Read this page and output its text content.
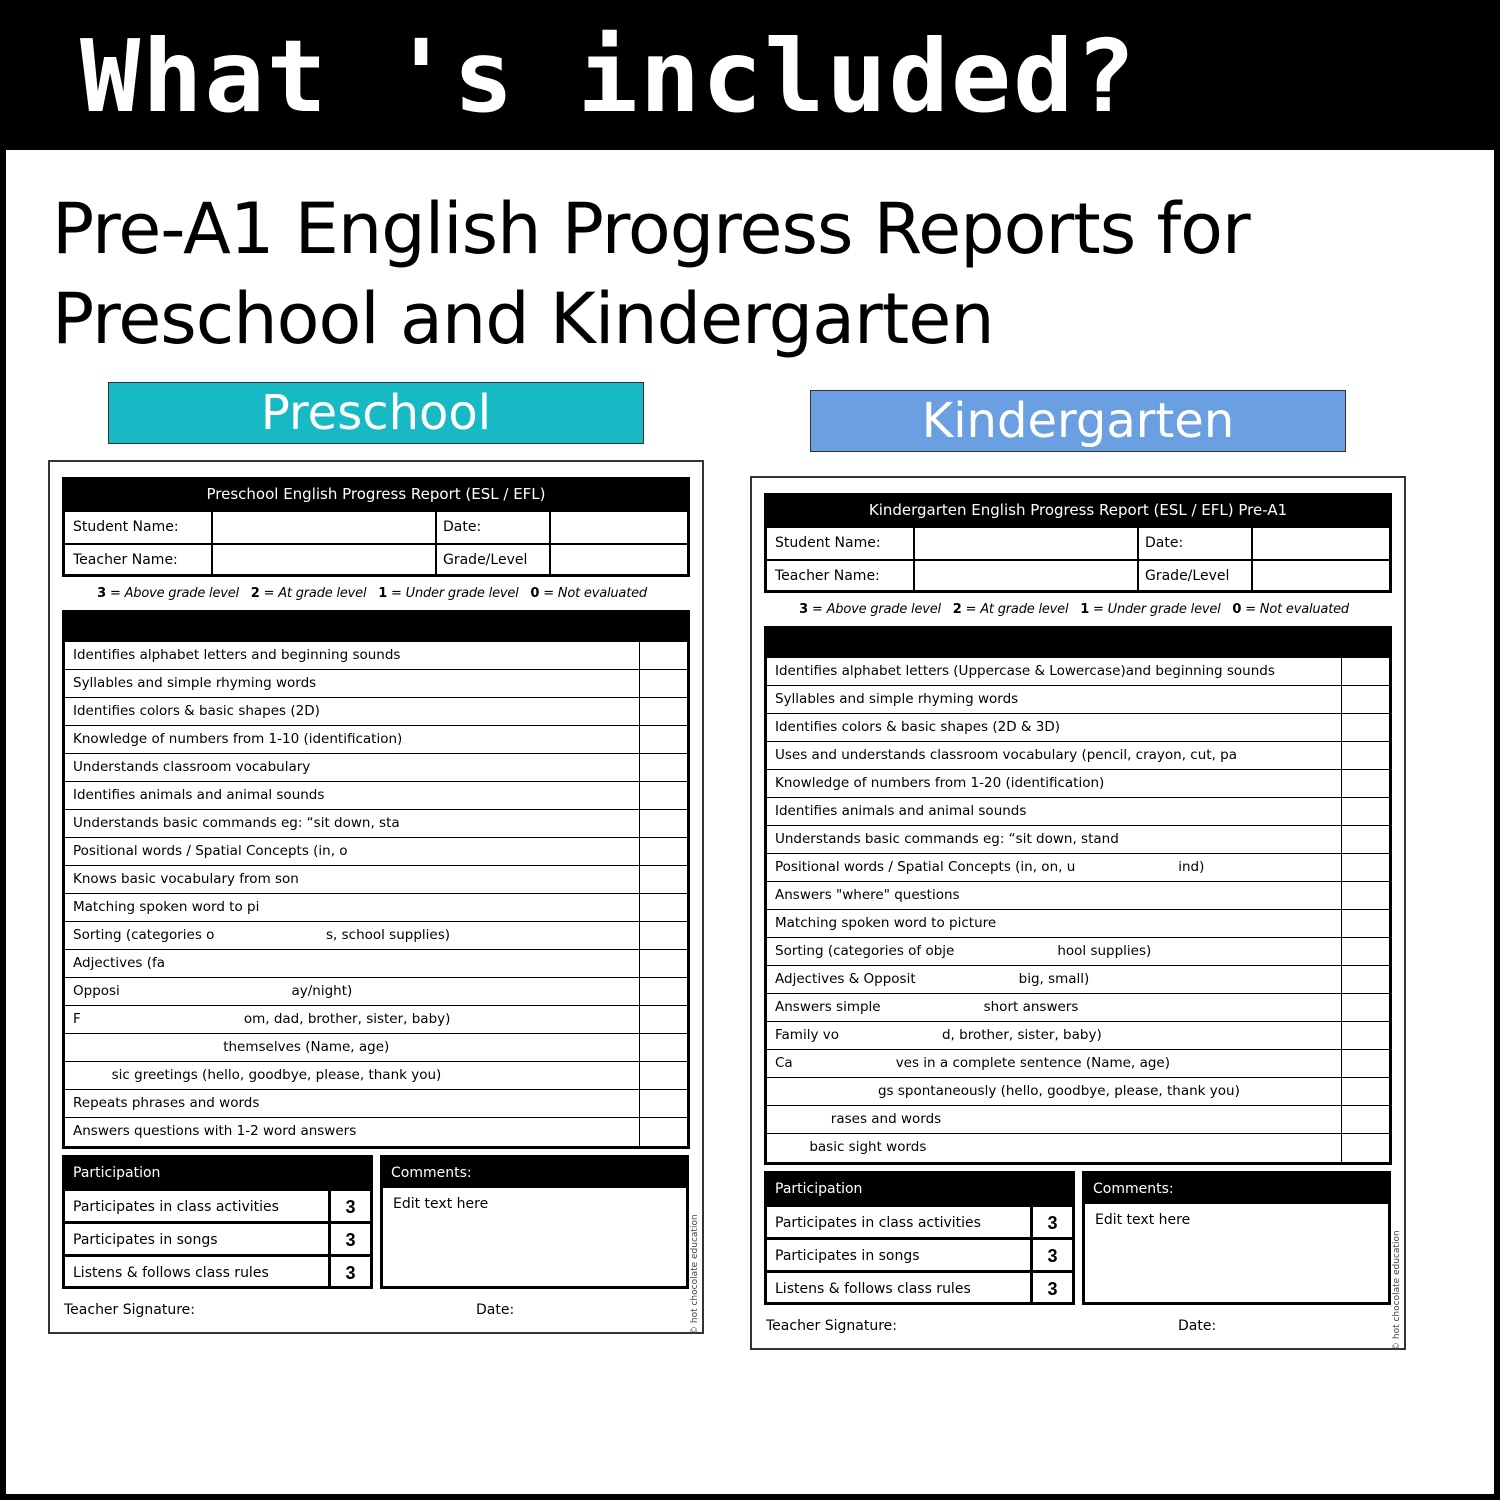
What 's included?
Pre-A1 English Progress Reports for
Preschool and Kindergarten
Preschool English Progress Report (ESL / EFL)
Student Name:	Date:
Teacher Name:	Grade/Level
3 = Above grade level 2 = At grade level 1 = Under grade level 0 = Not evaluated
Identifies alphabet letters and beginning sounds
Syllables and simple rhyming words
Identifies colors & basic shapes (2D)
Knowledge of numbers from 1-10 (identification)
Understands classroom vocabulary
Identifies animals and animal sounds
Understands basic commands eg: “sit down, sta
Positional words / Spatial Concepts (in, o
Knows basic vocabulary from son
Matching spoken word to pi
Sorting (categories o                          s, school supplies)
Adjectives (fa
Opposi                                        ay/night)
F                                      om, dad, brother, sister, baby)
themselves (Name, age)
sic greetings (hello, goodbye, please, thank you)
Repeats phrases and words
Answers questions with 1-2 word answers
Participation
Participates in class activities	3
Participates in songs	3
Listens & follows class rules	3
Comments:
Edit text here
Teacher Signature:	Date:	© hot chocolate education
Preschool
Kindergarten English Progress Report (ESL / EFL) Pre-A1
Student Name:	Date:
Teacher Name:	Grade/Level
3 = Above grade level 2 = At grade level 1 = Under grade level 0 = Not evaluated
Identifies alphabet letters (Uppercase & Lowercase)and beginning sounds
Syllables and simple rhyming words
Identifies colors & basic shapes (2D & 3D)
Uses and understands classroom vocabulary (pencil, crayon, cut, pa
Knowledge of numbers from 1-20 (identification)
Identifies animals and animal sounds
Understands basic commands eg: “sit down, stand
Positional words / Spatial Concepts (in, on, u                        ind)
Answers "where" questions
Matching spoken word to picture
Sorting (categories of obje                        hool supplies)
Adjectives & Opposit                        big, small)
Answers simple                        short answers
Family vo                        d, brother, sister, baby)
Ca                        ves in a complete sentence (Name, age)
gs spontaneously (hello, goodbye, please, thank you)
rases and words
basic sight words
Participation
Participates in class activities	3
Participates in songs	3
Listens & follows class rules	3
Comments:
Edit text here
Teacher Signature:	Date:	© hot chocolate education
Kindergarten
